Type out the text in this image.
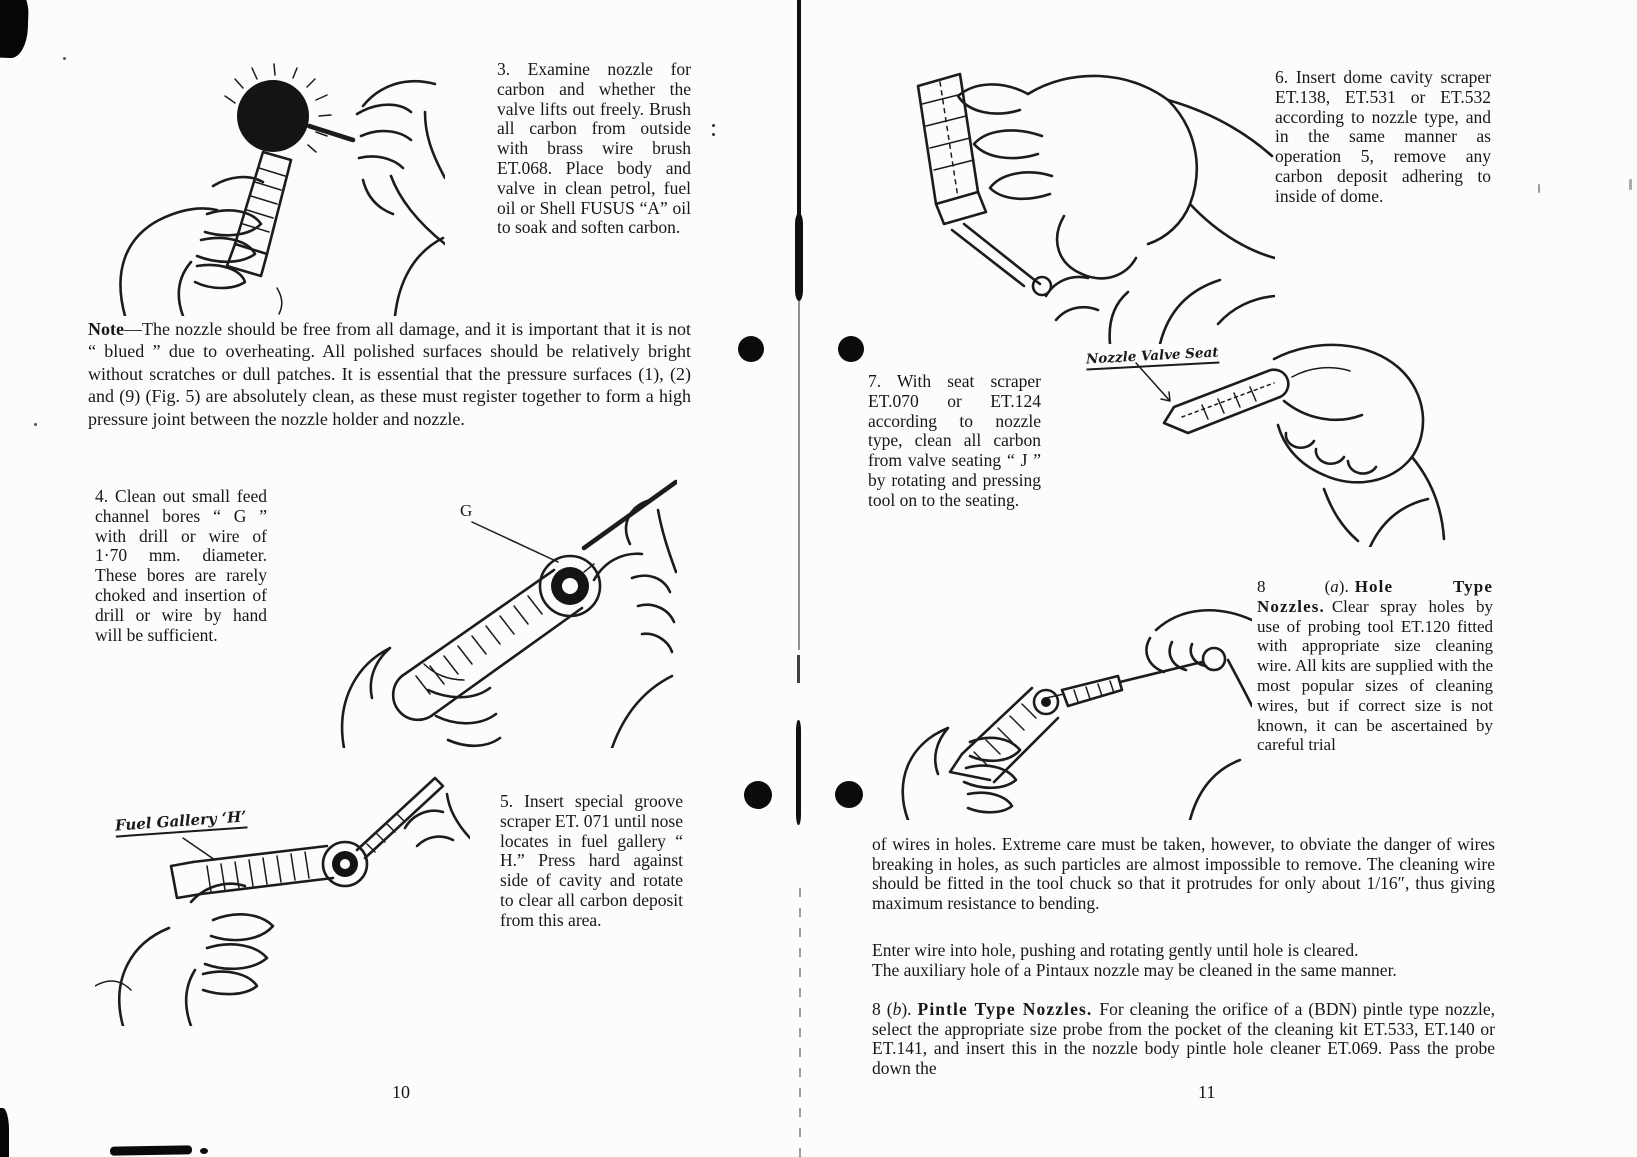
3. Examine nozzle for carbon and whether the valve lifts out freely. Brush all carbon from outside with brass wire brush ET.068. Place body and valve in clean petrol, fuel oil or Shell FUSUS “A” oil to soak and soften carbon.
Note—The nozzle should be free from all damage, and it is important that it is not “ blued ” due to overheating. All polished surfaces should be relatively bright without scratches or dull patches. It is essential that the pressure surfaces (1), (2) and (9) (Fig. 5) are absolutely clean, as these must register together to form a high pressure joint between the nozzle holder and nozzle.
4. Clean out small feed channel bores “ G ” with drill or wire of 1·70 mm. diameter. These bores are rarely choked and insertion of drill or wire by hand will be sufficient.
G
Fuel Gallery ‘H’
5. Insert special groove scraper ET. 071 until nose locates in fuel gallery “ H.” Press hard against side of cavity and rotate to clear all carbon deposit from this area.
10
6. Insert dome cavity scraper ET.138, ET.531 or ET.532 according to nozzle type, and in the same manner as operation 5, remove any carbon deposit adhering to inside of dome.
7. With seat scraper ET.070 or ET.124 according to nozzle type, clean all carbon from valve seating “ J ” by rotating and pressing tool on to the seating.
Nozzle Valve Seat
8 (a). Hole Type Nozzles. Clear spray holes by use of probing tool ET.120 fitted with appropriate size cleaning wire. All kits are supplied with the most popular sizes of cleaning wires, but if correct size is not known, it can be ascertained by careful trial
of wires in holes. Extreme care must be taken, however, to obviate the danger of wires breaking in holes, as such particles are almost impossible to remove. The cleaning wire should be fitted in the tool chuck so that it protrudes for only about 1/16″, thus giving maximum resistance to bending.
Enter wire into hole, pushing and rotating gently until hole is cleared.
The auxiliary hole of a Pintaux nozzle may be cleaned in the same manner.
8 (b). Pintle Type Nozzles. For cleaning the orifice of a (BDN) pintle type nozzle, select the appropriate size probe from the pocket of the cleaning kit ET.533, ET.140 or ET.141, and insert this in the nozzle body pintle hole cleaner ET.069. Pass the probe down the
11
